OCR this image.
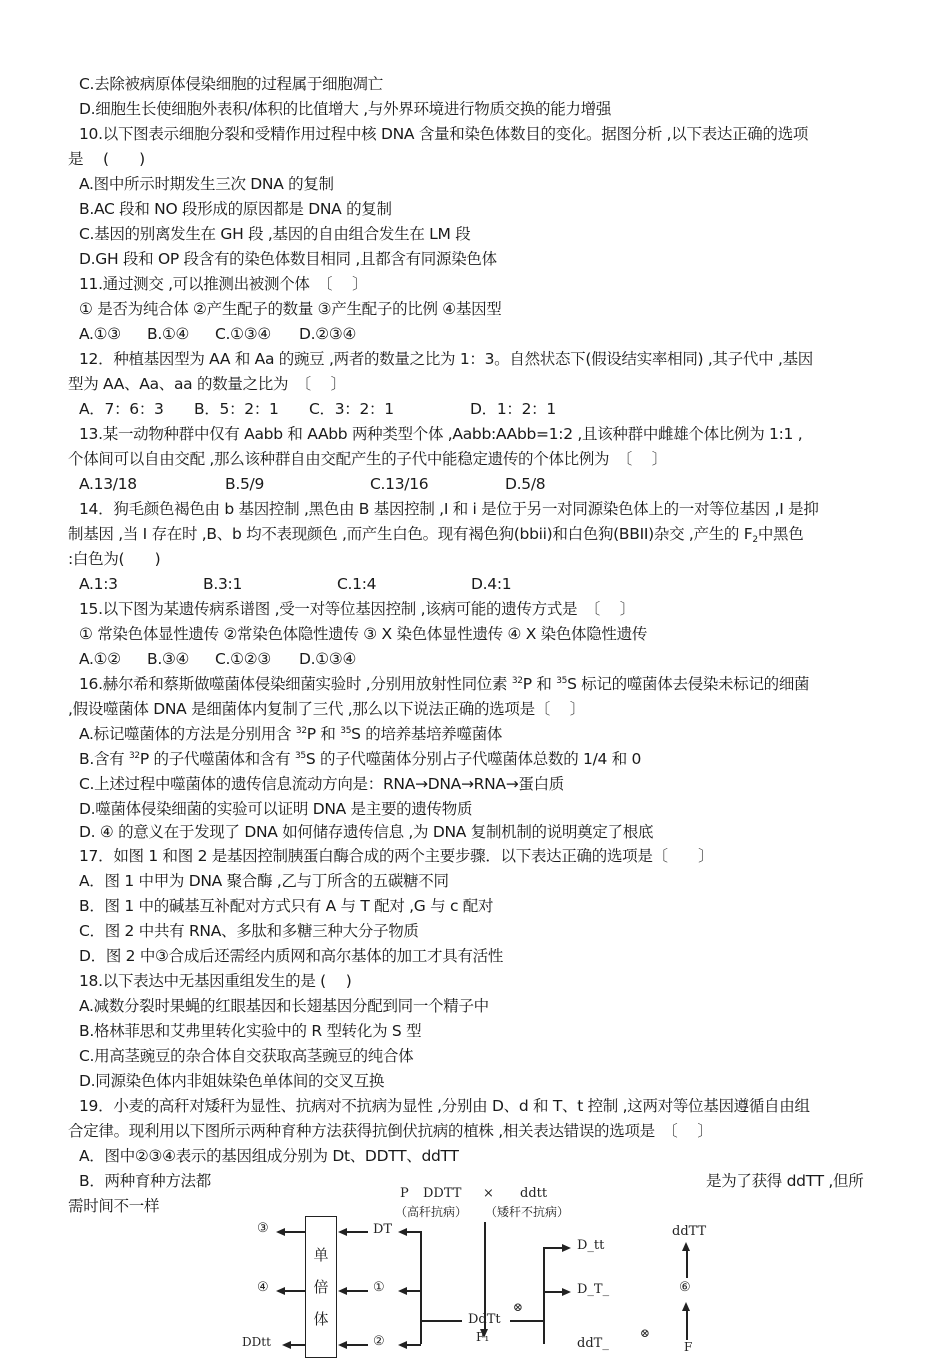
C.去除被病原体侵染细胞的过程属于细胞凋亡
D.细胞生长使细胞外表积/体积的比值增大 ,与外界环境进行物质交换的能力增强
10.以下图表示细胞分裂和受精作用过程中核 DNA 含量和染色体数目的变化。据图分析 ,以下表达正确的选项
是　 (　　)
A.图中所示时期发生三次 DNA 的复制
B.AC 段和 NO 段形成的原因都是 DNA 的复制
C.基因的别离发生在 GH 段 ,基因的自由组合发生在 LM 段
D.GH 段和 OP 段含有的染色体数目相同 ,且都含有同源染色体
11.通过测交 ,可以推测出被测个体　〔　 〕
① 是否为纯合体 ②产生配子的数量 ③产生配子的比例 ④基因型
A.①③ B.①④ C.①③④ D.②③④
12．种植基因型为 AA 和 Aa 的豌豆 ,两者的数量之比为 1：3。自然状态下(假设结实率相同) ,其子代中 ,基因
型为 AA、Aa、aa 的数量之比为　〔　 〕
A．7：6：3 B．5：2：1 C．3：2：1	D．1：2：1
13.某一动物种群中仅有 Aabb 和 AAbb 两种类型个体 ,Aabb:AAbb=1:2 ,且该种群中雌雄个体比例为 1:1 ,
个体间可以自由交配 ,那么该种群自由交配产生的子代中能稳定遗传的个体比例为　〔　 〕
A.13/18	B.5/9	C.13/16	D.5/8
14．狗毛颜色褐色由 b 基因控制 ,黑色由 B 基因控制 ,I 和 i 是位于另一对同源染色体上的一对等位基因 ,I 是抑
制基因 ,当 I 存在时 ,B、b 均不表现颜色 ,而产生白色。现有褐色狗(bbii)和白色狗(BBII)杂交 ,产生的 $F_2$中黑色
:白色为(　　)
A.1:3	B.3:1	C.1:4	D.4:1
15.以下图为某遗传病系谱图 ,受一对等位基因控制 ,该病可能的遗传方式是　〔　 〕
① 常染色体显性遗传 ②常染色体隐性遗传 ③ X 染色体显性遗传 ④ X 染色体隐性遗传
A.①② B.③④ C.①②③ D.①③④
16.赫尔希和蔡斯做噬菌体侵染细菌实验时 ,分别用放射性同位素 $^{32}$P 和 $^{35}$S 标记的噬菌体去侵染未标记的细菌
,假设噬菌体 DNA 是细菌体内复制了三代 ,那么以下说法正确的选项是〔　 〕
A.标记噬菌体的方法是分别用含 $^{32}$P 和 $^{35}$S 的培养基培养噬菌体
B.含有 $^{32}$P 的子代噬菌体和含有 $^{35}$S 的子代噬菌体分别占子代噬菌体总数的 1/4 和 0
C.上述过程中噬菌体的遗传信息流动方向是：RNA→DNA→RNA→蛋白质
D.噬菌体侵染细菌的实验可以证明 DNA 是主要的遗传物质
D. ④ 的意义在于发现了 DNA 如何储存遗传信息 ,为 DNA 复制机制的说明奠定了根底
17．如图 1 和图 2 是基因控制胰蛋白酶合成的两个主要步骤．以下表达正确的选项是〔　　〕
A．图 1 中甲为 DNA 聚合酶 ,乙与丁所含的五碳糖不同
B．图 1 中的碱基互补配对方式只有 A 与 T 配对 ,G 与 c 配对
C．图 2 中共有 RNA、多肽和多糖三种大分子物质
D．图 2 中③合成后还需经内质网和高尔基体的加工才具有活性
18.以下表达中无基因重组发生的是 (　 )
A.减数分裂时果蝇的红眼基因和长翅基因分配到同一个精子中
B.格林菲思和艾弗里转化实验中的 R 型转化为 S 型
C.用高茎豌豆的杂合体自交获取高茎豌豆的纯合体
D.同源染色体内非姐妹染色单体间的交叉互换
19．小麦的高秆对矮秆为显性、抗病对不抗病为显性 ,分别由 D、d 和 T、t 控制 ,这两对等位基因遵循自由组
合定律。现利用以下图所示两种育种方法获得抗倒伏抗病的植株 ,相关表达错误的选项是　〔　 〕
A．图中②③④表示的基因组成分别为 Dt、DDTT、ddTT
B．两种育种方法都	是为了获得 ddTT ,但所
需时间不一样
P DDTT × ddtt
（高秆抗病） （矮秆不抗病）
单
倍
体
③
④
DDtt
DT
①
②
DdTt
F₁
⊗
D_tt
D_T_
ddT_
ddTT
⑥
⊗
F
